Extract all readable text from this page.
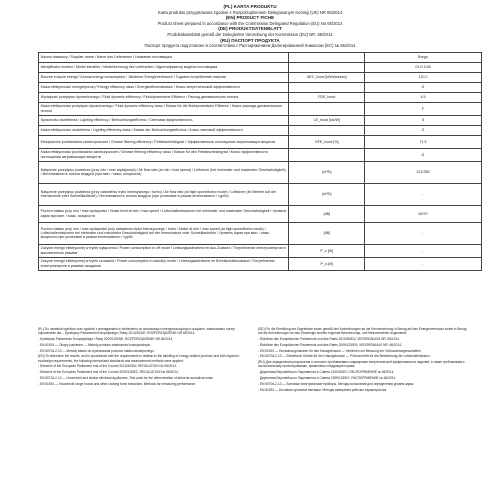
(PL) KARTA PRODUKTU
Karta produktu przygotowana zgodnie z Rozporządzeniem Delegowanym Komisji (UE) NR 65/2014
(EN) PRODUCT FICHE
Product sheet prepared in accordance with the Commission Delegated Regulation (EU) No 65/2014
(DE) PRODUKTDATENBLATT
Produktdatenblatt gemäß der Delegierten Verordnung der Kommission (EU) NR. 65/2014
(RU) ПАСПОРТ ПРОДУКТА
Паспорт продукта подготовлен в соответствии с Распоряжением Делегированной Комиссии (ЕС) № 65/2014
Nazwa dostawcy / Supplier name / Name des Lieferanten / Название поставщика		Brego
Identyfikator modelu / Model identifier / Modellkennung des Lieferanten / Идентификатор модели поставщика		OLO 0.60
Roczne zużycie energii / Annual energy consumption / Jährlicher Energieverbrauch / Годовое потребление энергии	AEC_hood [kWh/annum]	120.2
Klasa efektywności energetycznej / Energy efficiency class / Energieeffizienzklasse / Класс энергетической эффективности		D
Wydajność przepływu dynamicznego / Fluid dynamic efficiency / Fluiddynamische Effizienz / Расход динамического потока	FDE_hood	4.5
Klasa efektywności przepływu dynamicznego / Fluid dynamic efficiency class / Klasse für die fluiddynamische Effizienz / Класс расхода динамического потока		F
Sprawność oświetlenia / Lighting efficiency / Beleuchtungseffizienz / Световая эффективность	LE_hood [lux/W]	5
Klasa efektywności oświetlenia / Lighting efficiency class / Klasse der Beleuchtungseffizienz / Класс световой эффективности		G
Efektywność pochłaniania zanieczyszczeń / Grease filtering efficiency / Fettabscheidegrad / Эффективность поглощения загрязняющих веществ	GFE_hood [%]	71.5
Klasa efektywności pochłaniania zanieczyszczeń / Grease filtering efficiency class / Klasse für den Fettabscheidegrad / Класс эффективности поглощения загрязняющих веществ		D
Natężenie przepływu powietrza (przy min / max wydajności) / Air flow rate (at min / max speed) / Luftstrom (bei minimaler und maximaler Geschwindigkeit) / Интенсивность потока воздуха (при мин. / макс. мощности)	[m³/h]	221/355
Natężenie przepływu powietrza (przy ustawieniu trybu intensywnego / turbo) / Air flow rate (at high speed/turbo mode) / Luftstrom (im Betrieb auf der Intensivstufe oder Schnelllaufstufe) / Интенсивность потока воздуха (при установке в режим интенсивного / турбо)	[m³/h]	-
Poziom hałasu przy min / max wydajności / Noise level at min / max speed / Luftschallemissionen bei minimaler und maximaler Geschwindigkeit / Уровень шума при мин. / макс. мощности	[dB]	62/70
Poziom hałasu przy min / max wydajności przy ustawieniu trybu intensywnego / turbo / Noise at min / max speed (at high speed/turbo mode) / Luftschallemissionen bei minimaler und maximaler Geschwindigkeit auf der Intensivstufe oder Schnelllaufstufe / Уровень шума при мин. / макс. мощности при установке в режим интенсивного / турбо	[dB]	-
Zużycie energii elektrycznej w trybie wyłączenia / Power consumption in off mode / Leistungsaufnahme im Aus-Zustand / Потребление электроэнергии в выключенном режиме	P_o [W]	-
Zużycie energii elektrycznej w trybie czuwania / Power consumption in standby mode / Leistungsaufnahme im Bereitschaftszustand / Потребление электроэнергии в режиме ожидания	P_s [W]	-

(PL) Do ustalenia wyników oraz zgodnie z wymaganiami w odniesieniu do stosowanych energooszczędnych urządzeń, zastosowano normy odpowiednie dla: - Dyrektywy Parlamentu Europejskiego i Rady 2010/30/UE; ROZPORZĄDZENIE NR 65/2014.

- Dyrektywa Parlamentu Europejskiego i Rady 2009/125/WE; ROZPORZĄDZENIE NR 66/2014.

- EN 61591 — Okapy kuchenne — Metody pomiaru właściwości funkcjonalnych.

- EN 60704-2-13 — Metody badań do wyznaczania poziomu hałasu akustycznego.

(EN) To determine the results, and in accordance with the requirements in relation to the labelling of energy-related products and with regard to ecodesign requirements, the following harmonised standards and measurement methods were applied:

- Directive of the European Parliament and of the Council 2010/30/EU; REGULATION No 65/2014.

- Directive of the European Parliament and of the Council 2009/125/EC; REGULATION No 66/2014.

- EN 60704-2-13 — Household and similar electrical appliances. Test code for the determination of airborne acoustical noise.

- EN 61591 — Household range hoods and other cooking fume extractors. Methods for measuring performance.

(DE) Für die Ermittlung der Ergebnisse sowie gemäß den Anforderungen an die Kennzeichnung in Bezug auf den Energieverbrauch sowie in Bezug auf die Anforderungen an das Ökodesign wurden folgende Berechnungs- und Messverfahren angewandt:

- Richtlinie des Europäischen Parlaments und des Rates 2010/30/EU; VERORDNUNG NR. 65/2014.

- Richtlinie des Europäischen Parlaments und des Rates 2009/125/EG; VERORDNUNG NR. 66/2014.

- EN 61591 — Dunstabzugshauben für den Hausgebrauch — Verfahren zur Messung der Gebrauchseigenschaften.

- EN 60704-2-13 — Elektrische Geräte für den Hausgebrauch — Prüfvorschrift für die Bestimmung der Luftschallemission.

(RU) Для определения результатов и согласно требованиям к маркировке энергетической эффективности изделий, а также требованиям к экологическому проектированию, применены следующие нормы:

- Директива Европейского Парламента и Совета 2010/30/ЕС; РАСПОРЯЖЕНИЕ № 65/2014.

- Директива Европейского Парламента и Совета 2009/125/ЕС; РАСПОРЯЖЕНИЕ № 66/2014.

- EN 60704-2-13 — Бытовые электрические приборы. Методы испытаний для определения уровня шума.

- EN 61591 — Бытовые кухонные вытяжки. Методы измерения рабочих характеристик.
